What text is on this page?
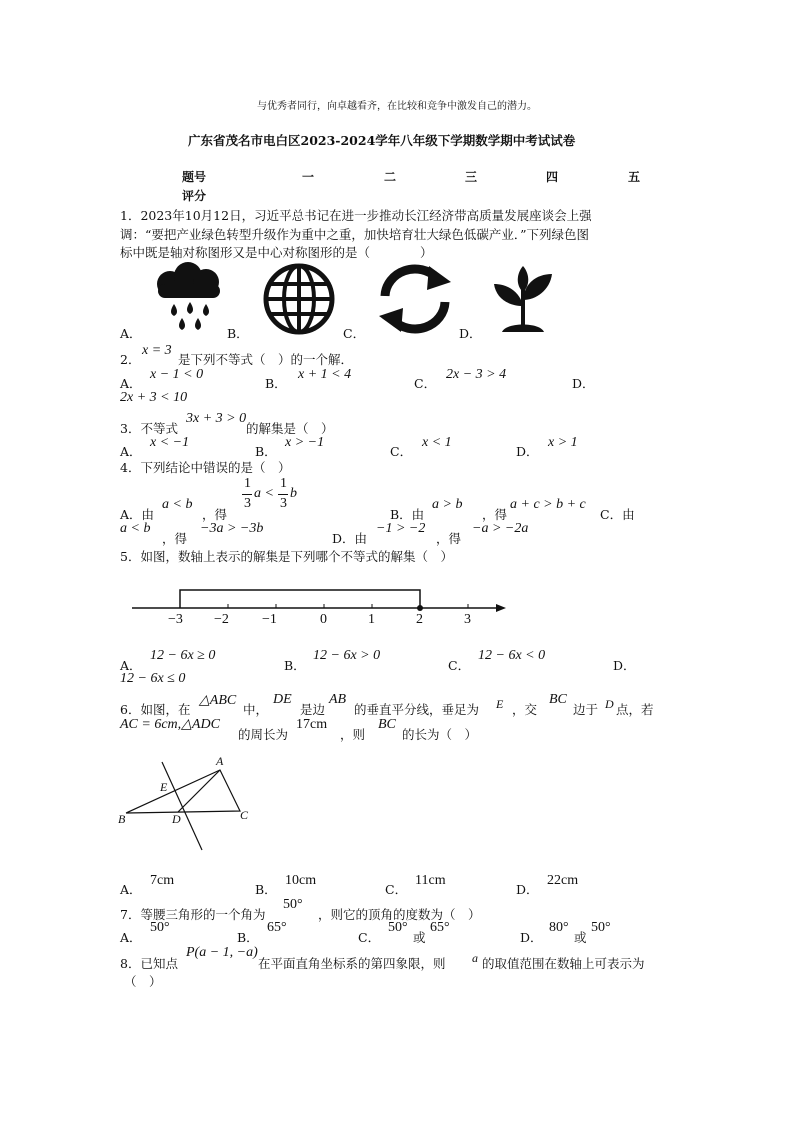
与优秀者同行，向卓越看齐，在比较和竞争中激发自己的潜力。
广东省茂名市电白区2023-2024学年八年级下学期数学期中考试试卷
题号	一	二	三	四	五
评分
1．2023年10月12日，习近平总书记在进一步推动长江经济带高质量发展座谈会上强
调：“要把产业绿色转型升级作为重中之重，加快培育壮大绿色低碳产业．”下列绿色图
标中既是轴对称图形又是中心对称图形的是（　　　　）
A．	B．	C．	D．
2．
x = 3
是下列不等式（　）的一个解．
A．
x − 1 < 0
B．
x + 1 < 4
C．
2x − 3 > 4
D．
2x + 3 < 10
3．不等式
3x + 3 > 0
的解集是（　）
A．
x < −1
B．
x > −1
C．
x < 1
D．
x > 1
4．下列结论中错误的是（　）
A．由
a < b
，得
1
3
a <
1
3
b
B．由
a > b
，得
a + c > b + c
C．由
a < b
，得
−3a > −3b
D．由
−1 > −2
，得
−a > −2a
5．如图，数轴上表示的解集是下列哪个不等式的解集（　）
−3 −2 −1	0	1	2	3
A．
12 − 6x ≥ 0
B．
12 − 6x > 0
C．
12 − 6x < 0
D．
12 − 6x ≤ 0
6．如图，在
△ABC
中，
DE
是边
AB
的垂直平分线，垂足为 E ，交
BC
边于 D 点，若
AC = 6cm,△ADC
的周长为
17cm
，则
BC
的长为（　）
A
E
B	D	C
A．
7cm
B．
10cm
C．
11cm
D．
22cm
7．等腰三角形的一个角为
50°
，则它的顶角的度数为（　）
A．
50°
B．
65°
C．
50°
或
65°
D．
80°
或
50°
8．已知点
P(a − 1, −a)
在平面直角坐标系的第四象限，则 a 的取值范围在数轴上可表示为
（　）
